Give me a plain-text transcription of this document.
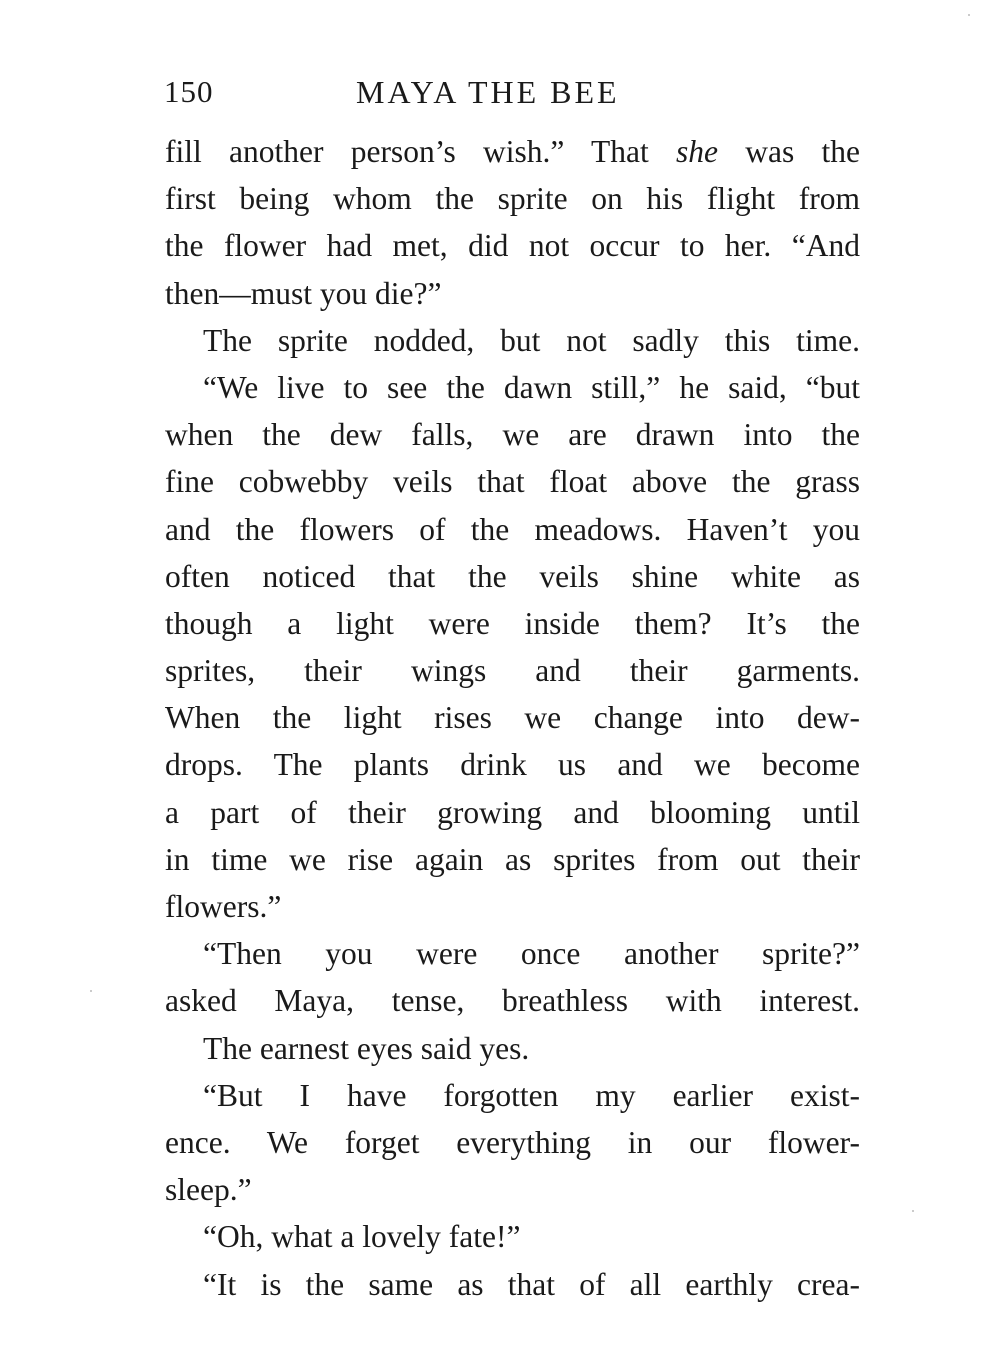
150	MAYA THE BEE
fill another person’s wish.” That she was the
first being whom the sprite on his flight from
the flower had met, did not occur to her. “And
then—must you die?”
The sprite nodded, but not sadly this time.
“We live to see the dawn still,” he said, “but
when the dew falls, we are drawn into the
fine cobwebby veils that float above the grass
and the flowers of the meadows. Haven’t you
often noticed that the veils shine white as
though a light were inside them? It’s the
sprites, their wings and their garments.
When the light rises we change into dew-
drops. The plants drink us and we become
a part of their growing and blooming until
in time we rise again as sprites from out their
flowers.”
“Then you were once another sprite?”
asked Maya, tense, breathless with interest.
The earnest eyes said yes.
“But I have forgotten my earlier exist-
ence. We forget everything in our flower-
sleep.”
“Oh, what a lovely fate!”
“It is the same as that of all earthly crea-
